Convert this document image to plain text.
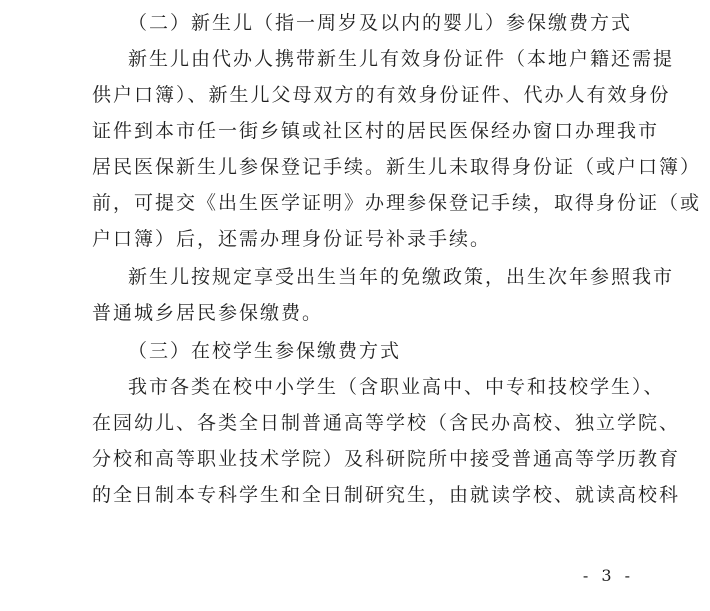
（二）新生儿（指一周岁及以内的婴儿）参保缴费方式
新生儿由代办人携带新生儿有效身份证件（本地户籍还需提
供户口簿）、新生儿父母双方的有效身份证件、代办人有效身份
证件到本市任一街乡镇或社区村的居民医保经办窗口办理我市
居民医保新生儿参保登记手续。新生儿未取得身份证（或户口簿）
前，可提交《出生医学证明》办理参保登记手续，取得身份证（或
户口簿）后，还需办理身份证号补录手续。
新生儿按规定享受出生当年的免缴政策，出生次年参照我市
普通城乡居民参保缴费。
（三）在校学生参保缴费方式
我市各类在校中小学生（含职业高中、中专和技校学生）、
在园幼儿、各类全日制普通高等学校（含民办高校、独立学院、
分校和高等职业技术学院）及科研院所中接受普通高等学历教育
的全日制本专科学生和全日制研究生，由就读学校、就读高校科
- 3 -
